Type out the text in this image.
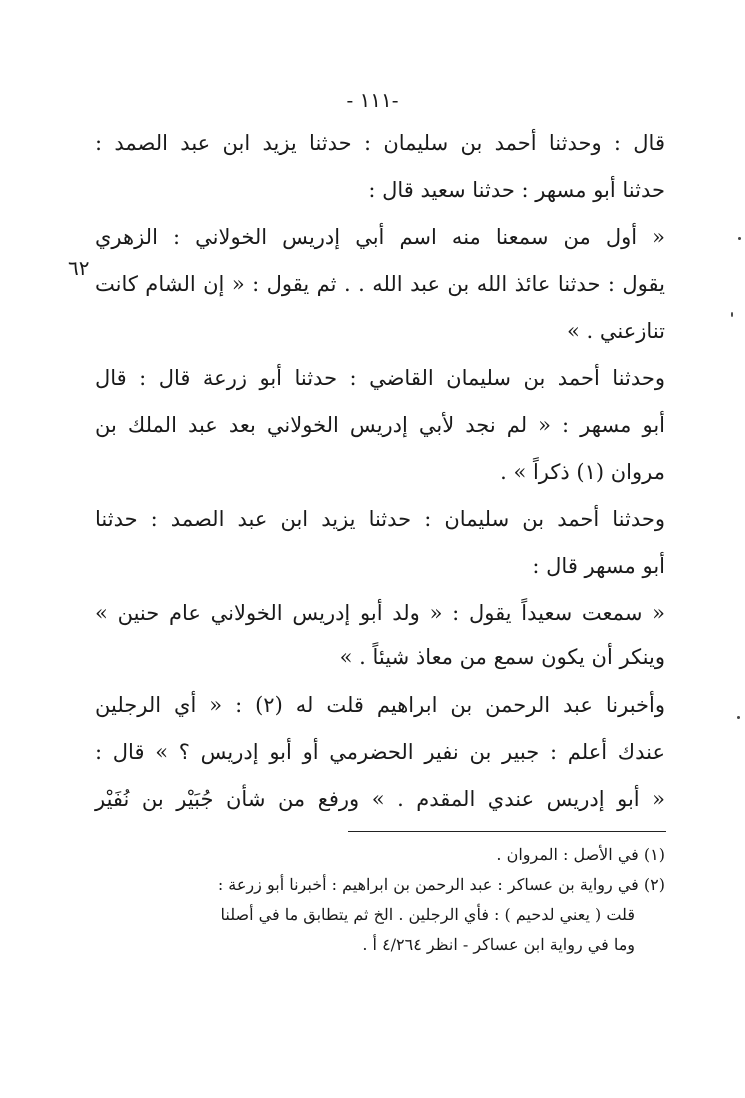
-١١١ -
٦٢
قال : وحدثنا أحمد بن سليمان : حدثنا يزيد ابن عبد الصمد :
حدثنا أبو مسهر : حدثنا سعيد قال :
« أول من سمعنا منه اسم أبي إدريس الخولاني : الزهري
يقول : حدثنا عائذ الله بن عبد الله . . ثم يقول : « إن الشام كانت
تنازعني . »
وحدثنا أحمد بن سليمان القاضي : حدثنا أبو زرعة قال : قال
أبو مسهر : « لم نجد لأبي إدريس الخولاني بعد عبد الملك بن
مروان (١) ذكراً » .
وحدثنا أحمد بن سليمان : حدثنا يزيد ابن عبد الصمد : حدثنا
أبو مسهر قال :
« سمعت سعيداً يقول : « ولد أبو إدريس الخولاني عام حنين »
وينكر أن يكون سمع من معاذ شيئاً . »
وأخبرنا عبد الرحمن بن ابراهيم قلت له (٢) : « أي الرجلين
عندك أعلم : جبير بن نفير الحضرمي أو أبو إدريس ؟ » قال :
« أبو إدريس عندي المقدم . » ورفع من شأن جُبَيْر بن نُفَيْر
(١) في الأصل : المروان .
(٢) في رواية بن عساكر : عبد الرحمن بن ابراهيم : أخبرنا أبو زرعة :
قلت ( يعني لدحيم ) : فأي الرجلين . الخ ثم يتطابق ما في أصلنا
وما في رواية ابن عساكر - انظر ٤/٢٦٤ أ .
